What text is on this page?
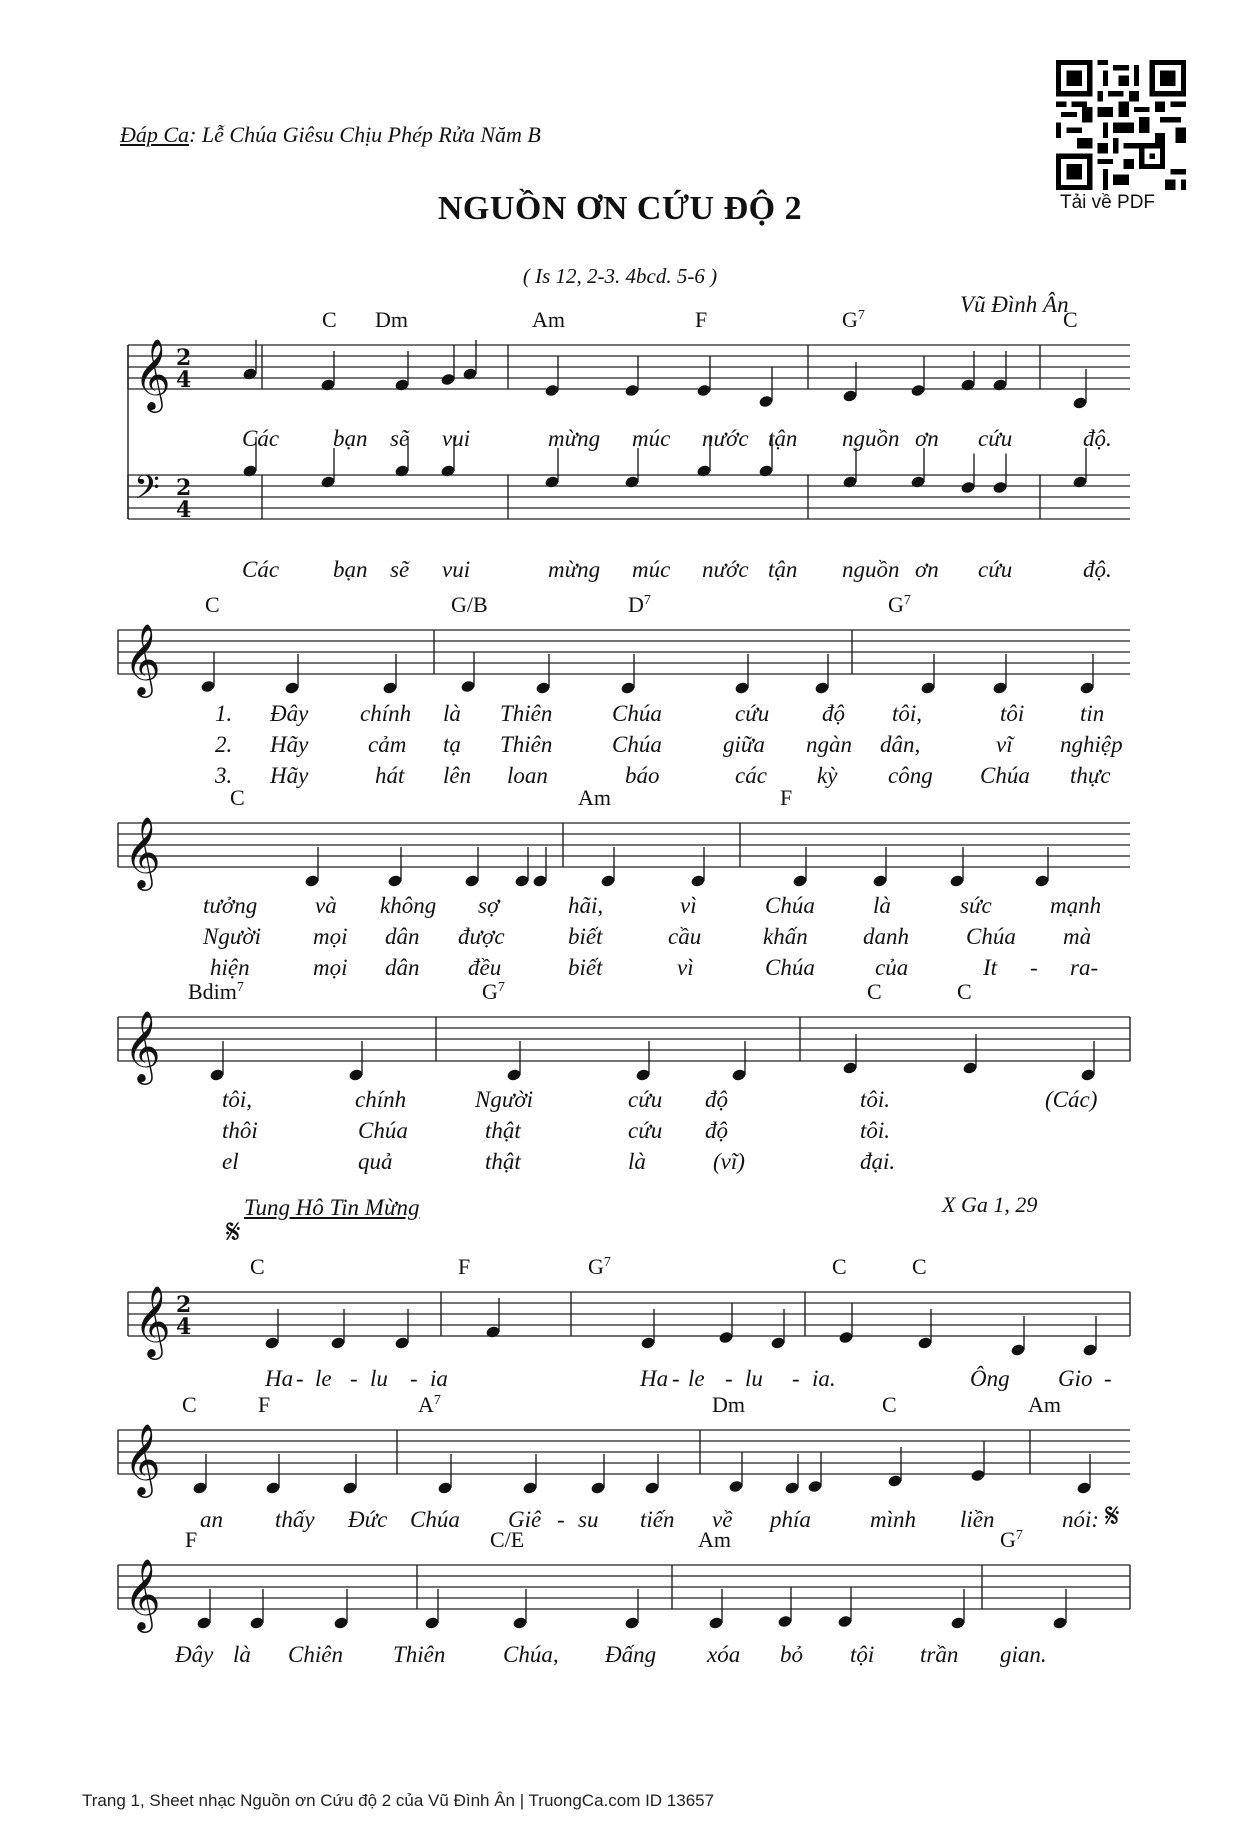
Đáp Ca: Lễ Chúa Giêsu Chịu Phép Rửa Năm B
NGUỒN ƠN CỨU ĐỘ 2
( Is 12, 2-3. 4bcd. 5-6 )
Vũ Đình Ân
Tải về PDF
Tung Hô Tin Mừng	X Ga 1, 29
𝄞 2
4
C Dm	Am	F	$G^7$	C
Các bạn sẽ vui	mừng múc nước tận nguồn ơn cứu	độ.
𝄢 2
4
Các bạn sẽ vui	mừng múc nước tận nguồn ơn cứu	độ.
𝄞
C	G/B	$D^7$	$G^7$
1. Đây chính là Thiên	Chúa	cứu độ tôi,	tôi tin
2. Hãy	cảm tạ Thiên	Chúa	giữa ngàn dân,	vĩ nghiệp
3. Hãy	hát lên loan	báo	các kỳ công Chúa thực
𝄞
C	Am	F
tưởng	và không sợ	hãi,	vì	Chúa	là	sức	mạnh
Người mọi dân được	biết	cầu	khấn danh Chúa mà
hiện	mọi dân đều	biết	vì	Chúa	của	It - ra-
𝄞
Bdim$^7$	$G^7$	C	C
tôi,	chính	Người	cứu độ	tôi.	(Các)
thôi	Chúa	thật	cứu độ	tôi.
el	quả	thật	là	(vĩ)	đại.
𝄞 2
4
C	F	$G^7$	C	C
Ha - le - lu - ia	Ha - le - lu - ia.	Ông Gio -
𝄞
C	F	$A^7$	Dm	C	Am
an thấy Đức Chúa Giê - su tiến về phía	mình liền	nói:
𝄞
F	C/E	Am	$G^7$
Đây là Chiên Thiên	Chúa, Đấng xóa bỏ tội trần gian.
𝄋
𝄋
Trang 1, Sheet nhạc Nguồn ơn Cứu độ 2 của Vũ Đình Ân | TruongCa.com ID 13657
